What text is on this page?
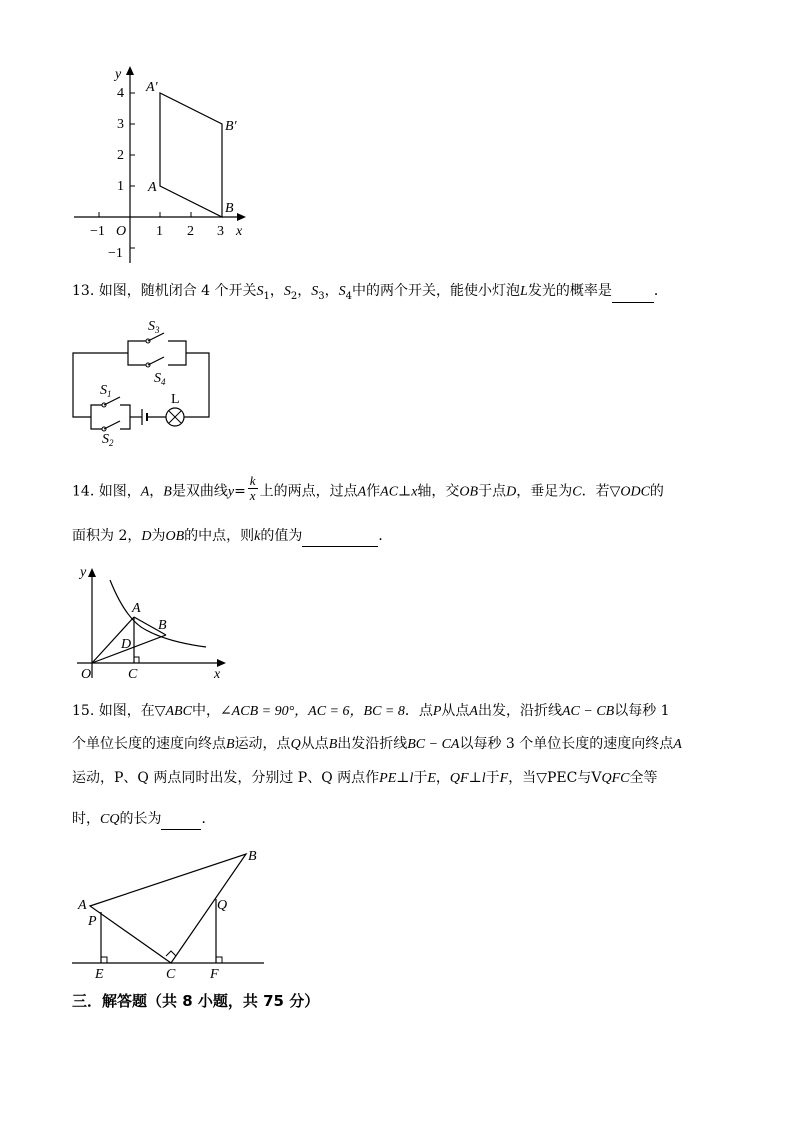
−1 O 1 2 3
4
3
2
1
−1
x
y
A′
B′
A
B
13. 如图，随机闭合 4 个开关$S_1$，$S_2$，$S_3$，$S_4$中的两个开关，能使小灯泡L发光的概率是	．
$S_3$
$S_4$
$S_1$
$S_2$
L
14. 如图，A，B是双曲线$y= \frac{k}{x}$ 上的两点，过点A作AC⊥x轴，交OB于点D，垂足为C．若▽ODC的
面积为 2，D为OB的中点，则k的值为	．
y
x
A
B
D
O	C
15. 如图，在▽ABC中，∠ACB = 90°，AC = 6，BC = 8．点P从点A出发，沿折线AC − CB以每秒 1
个单位长度的速度向终点B运动，点Q从点B出发沿折线BC − CA以每秒 3 个单位长度的速度向终点A
运动，P、Q 两点同时出发，分别过 P、Q 两点作PE⊥l于E，QF⊥l于F，当▽PEC与VQFC全等
时，CQ的长为	．
A
B
P
Q
E	C F
三．解答题（共 8 小题，共 75 分）
